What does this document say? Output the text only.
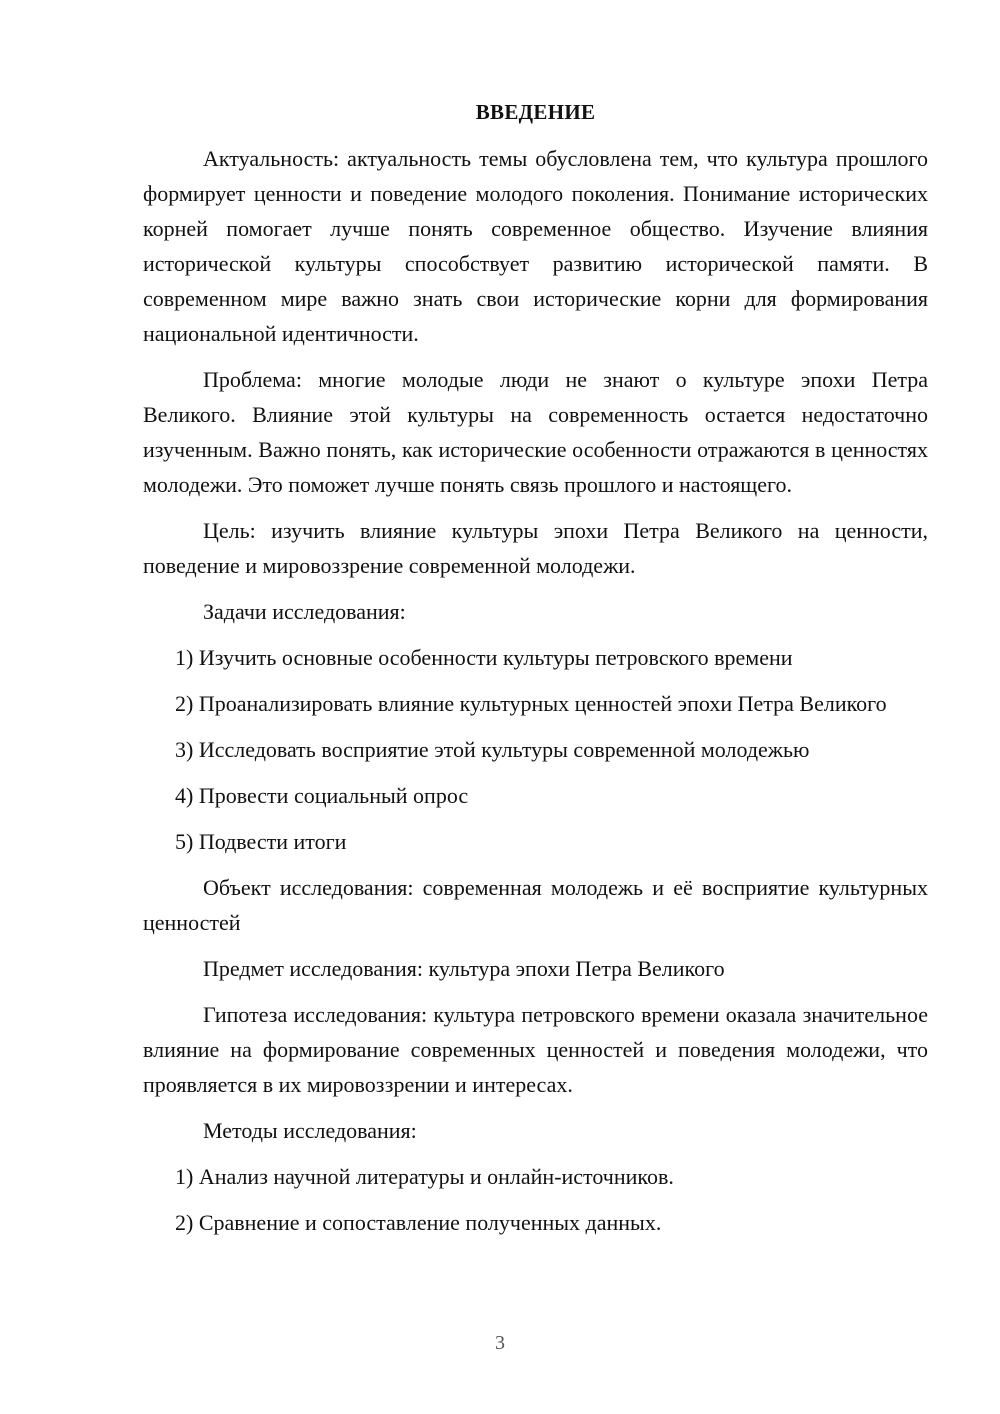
ВВЕДЕНИЕ
Актуальность: актуальность темы обусловлена тем, что культура прошлого формирует ценности и поведение молодого поколения. Понимание исторических корней помогает лучше понять современное общество. Изучение влияния исторической культуры способствует развитию исторической памяти. В современном мире важно знать свои исторические корни для формирования национальной идентичности.
Проблема: многие молодые люди не знают о культуре эпохи Петра Великого. Влияние этой культуры на современность остается недостаточно изученным. Важно понять, как исторические особенности отражаются в ценностях молодежи. Это поможет лучше понять связь прошлого и настоящего.
Цель: изучить влияние культуры эпохи Петра Великого на ценности, поведение и мировоззрение современной молодежи.
Задачи исследования:
1) Изучить основные особенности культуры петровского времени
2) Проанализировать влияние культурных ценностей эпохи Петра Великого
3) Исследовать восприятие этой культуры современной молодежью
4) Провести социальный опрос
5) Подвести итоги
Объект исследования: современная молодежь и её восприятие культурных ценностей
Предмет исследования: культура эпохи Петра Великого
Гипотеза исследования: культура петровского времени оказала значительное влияние на формирование современных ценностей и поведения молодежи, что проявляется в их мировоззрении и интересах.
Методы исследования:
1) Анализ научной литературы и онлайн-источников.
2) Сравнение и сопоставление полученных данных.
3
